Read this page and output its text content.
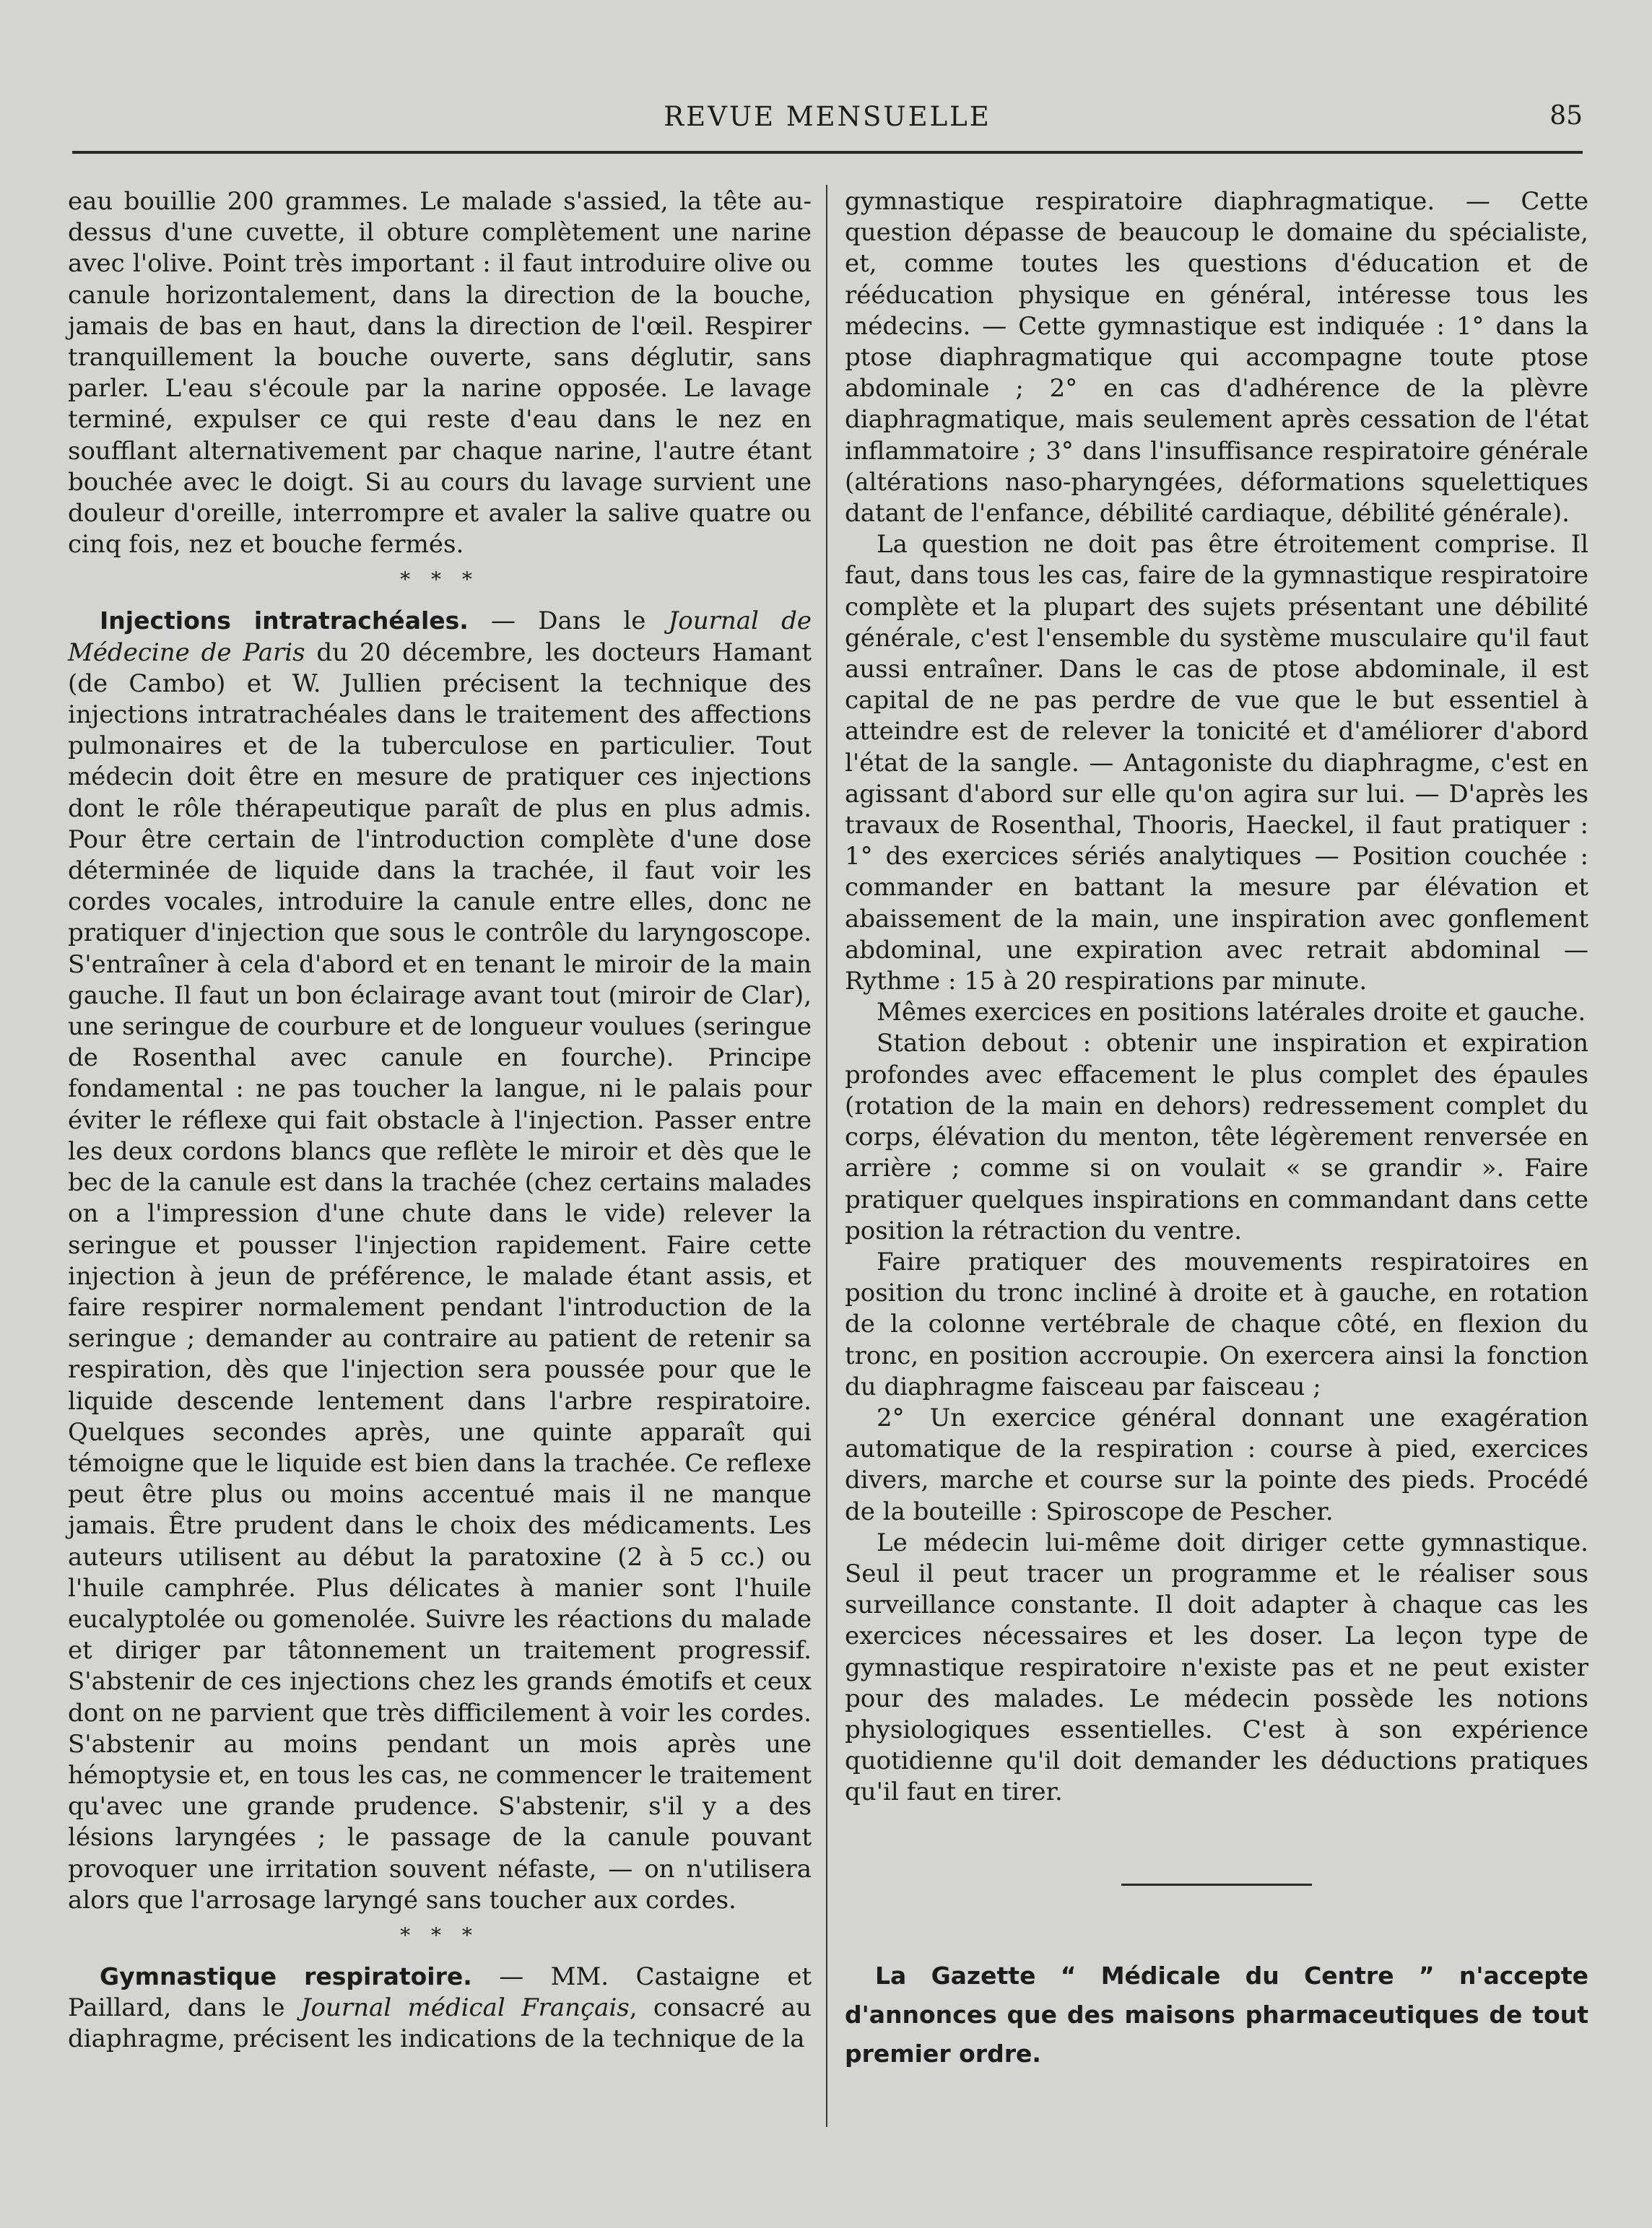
REVUE MENSUELLE	85

eau bouillie 200 grammes. Le malade s'assied, la tête au-dessus d'une cuvette, il obture complètement une narine avec l'olive. Point très important : il faut introduire olive ou canule horizontalement, dans la direction de la bouche, jamais de bas en haut, dans la direction de l'œil. Respirer tranquillement la bouche ouverte, sans déglutir, sans parler. L'eau s'écoule par la narine opposée. Le lavage terminé, expulser ce qui reste d'eau dans le nez en soufflant alternativement par chaque narine, l'autre étant bouchée avec le doigt. Si au cours du lavage survient une douleur d'oreille, interrompre et avaler la salive quatre ou cinq fois, nez et bouche fermés.

* * *

Injections intratrachéales. — Dans le Journal de Médecine de Paris du 20 décembre, les docteurs Hamant (de Cambo) et W. Jullien précisent la technique des injections intratrachéales dans le traitement des affections pulmonaires et de la tuberculose en particulier. Tout médecin doit être en mesure de pratiquer ces injections dont le rôle thérapeutique paraît de plus en plus admis. Pour être certain de l'introduction complète d'une dose déterminée de liquide dans la trachée, il faut voir les cordes vocales, introduire la canule entre elles, donc ne pratiquer d'injection que sous le contrôle du laryngoscope. S'entraîner à cela d'abord et en tenant le miroir de la main gauche. Il faut un bon éclairage avant tout (miroir de Clar), une seringue de courbure et de longueur voulues (seringue de Rosenthal avec canule en fourche). Principe fondamental : ne pas toucher la langue, ni le palais pour éviter le réflexe qui fait obstacle à l'injection. Passer entre les deux cordons blancs que reflète le miroir et dès que le bec de la canule est dans la trachée (chez certains malades on a l'impression d'une chute dans le vide) relever la seringue et pousser l'injection rapidement. Faire cette injection à jeun de préférence, le malade étant assis, et faire respirer normalement pendant l'introduction de la seringue ; demander au contraire au patient de retenir sa respiration, dès que l'injection sera poussée pour que le liquide descende lentement dans l'arbre respiratoire. Quelques secondes après, une quinte apparaît qui témoigne que le liquide est bien dans la trachée. Ce reflexe peut être plus ou moins accentué mais il ne manque jamais. Être prudent dans le choix des médicaments. Les auteurs utilisent au début la paratoxine (2 à 5 cc.) ou l'huile camphrée. Plus délicates à manier sont l'huile eucalyptolée ou gomenolée. Suivre les réactions du malade et diriger par tâtonnement un traitement progressif. S'abstenir de ces injections chez les grands émotifs et ceux dont on ne parvient que très difficilement à voir les cordes. S'abstenir au moins pendant un mois après une hémoptysie et, en tous les cas, ne commencer le traitement qu'avec une grande prudence. S'abstenir, s'il y a des lésions laryngées ; le passage de la canule pouvant provoquer une irritation souvent néfaste, — on n'utilisera alors que l'arrosage laryngé sans toucher aux cordes.

* * *

Gymnastique respiratoire. — MM. Castaigne et Paillard, dans le Journal médical Français, consacré au diaphragme, précisent les indications de la technique de la

gymnastique respiratoire diaphragmatique. — Cette question dépasse de beaucoup le domaine du spécialiste, et, comme toutes les questions d'éducation et de rééducation physique en général, intéresse tous les médecins. — Cette gymnastique est indiquée : 1° dans la ptose diaphragmatique qui accompagne toute ptose abdominale ; 2° en cas d'adhérence de la plèvre diaphragmatique, mais seulement après cessation de l'état inflammatoire ; 3° dans l'insuffisance respiratoire générale (altérations naso-pharyngées, déformations squelettiques datant de l'enfance, débilité cardiaque, débilité générale).

La question ne doit pas être étroitement comprise. Il faut, dans tous les cas, faire de la gymnastique respiratoire complète et la plupart des sujets présentant une débilité générale, c'est l'ensemble du système musculaire qu'il faut aussi entraîner. Dans le cas de ptose abdominale, il est capital de ne pas perdre de vue que le but essentiel à atteindre est de relever la tonicité et d'améliorer d'abord l'état de la sangle. — Antagoniste du diaphragme, c'est en agissant d'abord sur elle qu'on agira sur lui. — D'après les travaux de Rosenthal, Thooris, Haeckel, il faut pratiquer : 1° des exercices sériés analytiques — Position couchée : commander en battant la mesure par élévation et abaissement de la main, une inspiration avec gonflement abdominal, une expiration avec retrait abdominal — Rythme : 15 à 20 respirations par minute.

Mêmes exercices en positions latérales droite et gauche.

Station debout : obtenir une inspiration et expiration profondes avec effacement le plus complet des épaules (rotation de la main en dehors) redressement complet du corps, élévation du menton, tête légèrement renversée en arrière ; comme si on voulait « se grandir ». Faire pratiquer quelques inspirations en commandant dans cette position la rétraction du ventre.

Faire pratiquer des mouvements respiratoires en position du tronc incliné à droite et à gauche, en rotation de la colonne vertébrale de chaque côté, en flexion du tronc, en position accroupie. On exercera ainsi la fonction du diaphragme faisceau par faisceau ;

2° Un exercice général donnant une exagération automatique de la respiration : course à pied, exercices divers, marche et course sur la pointe des pieds. Procédé de la bouteille : Spiroscope de Pescher.

Le médecin lui-même doit diriger cette gymnastique. Seul il peut tracer un programme et le réaliser sous surveillance constante. Il doit adapter à chaque cas les exercices nécessaires et les doser. La leçon type de gymnastique respiratoire n'existe pas et ne peut exister pour des malades. Le médecin possède les notions physiologiques essentielles. C'est à son expérience quotidienne qu'il doit demander les déductions pratiques qu'il faut en tirer.

La Gazette “ Médicale du Centre ” n'accepte d'annonces que des maisons pharmaceutiques de tout premier ordre.
